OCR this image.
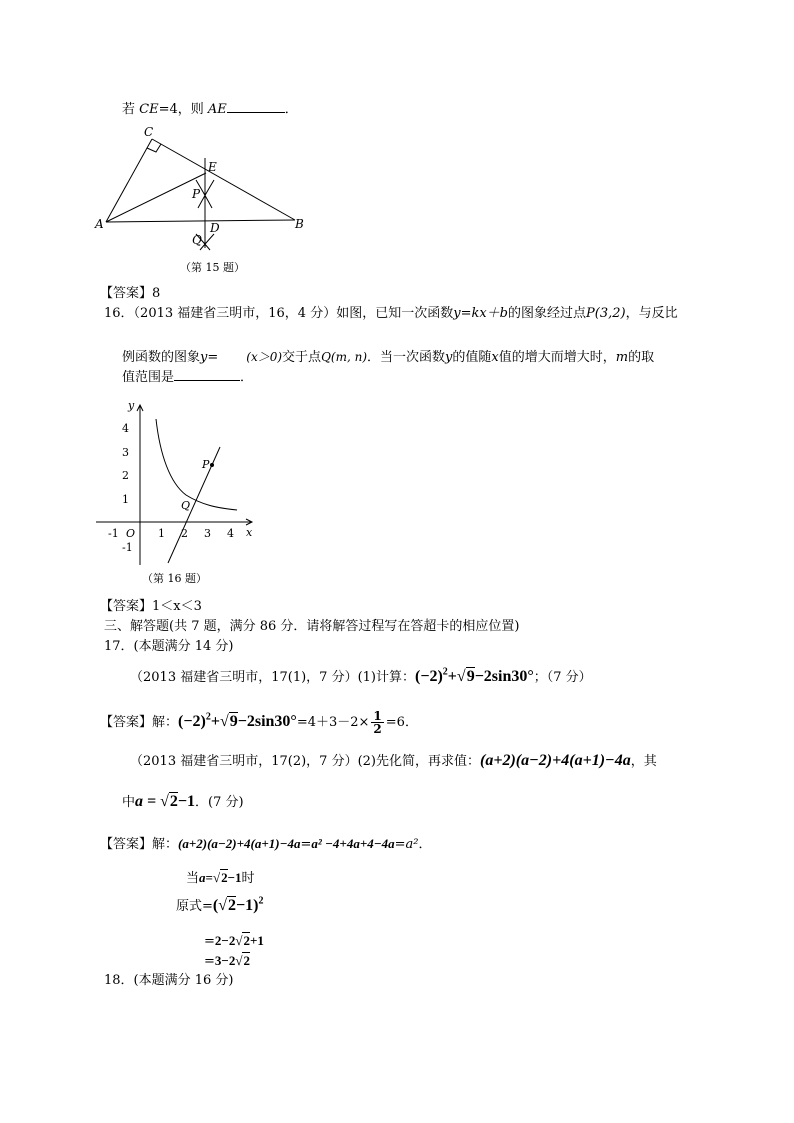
若 CE=4，则 AE	．
C
E
P
A	B
D
Q
（第 15 题）
【答案】8
16．（2013 福建省三明市，16，4 分）如图，已知一次函数y=kx＋b的图象经过点P(3,2)，与反比
例函数的图象y= (x＞0)交于点Q(m, n)．当一次函数y的值随x值的增大而增大时，m的取
值范围是	．
y
x
O
4
3
2
1
-1
-1	1 2 3 4
P
Q
（第 16 题）
【答案】1＜x＜3
三、解答题(共 7 题，满分 86 分．请将解答过程写在答超卡的相应位置)
17．(本题满分 14 分)
（2013 福建省三明市，17(1)，7 分）(1)计算：$(-2)^2+√9-2\sin 30^\circ$；（7 分）
【答案】解：$(-2)^2+√9-2\sin 30^\circ=4+3-2\times \frac{1}{2} =6$．
（2013 福建省三明市，17(2)，7 分）(2)先化简，再求值：(a+2)(a−2)+4(a+1)−4a，其
中a = √2−1．(7 分)
【答案】解：(a+2)(a−2)+4(a+1)−4a=a² −4+4a+4−4a=a²．
当a=√2−1时
原式$=(√2-1)^2$
=2−2√2+1
=3−2√2
18．(本题满分 16 分)
